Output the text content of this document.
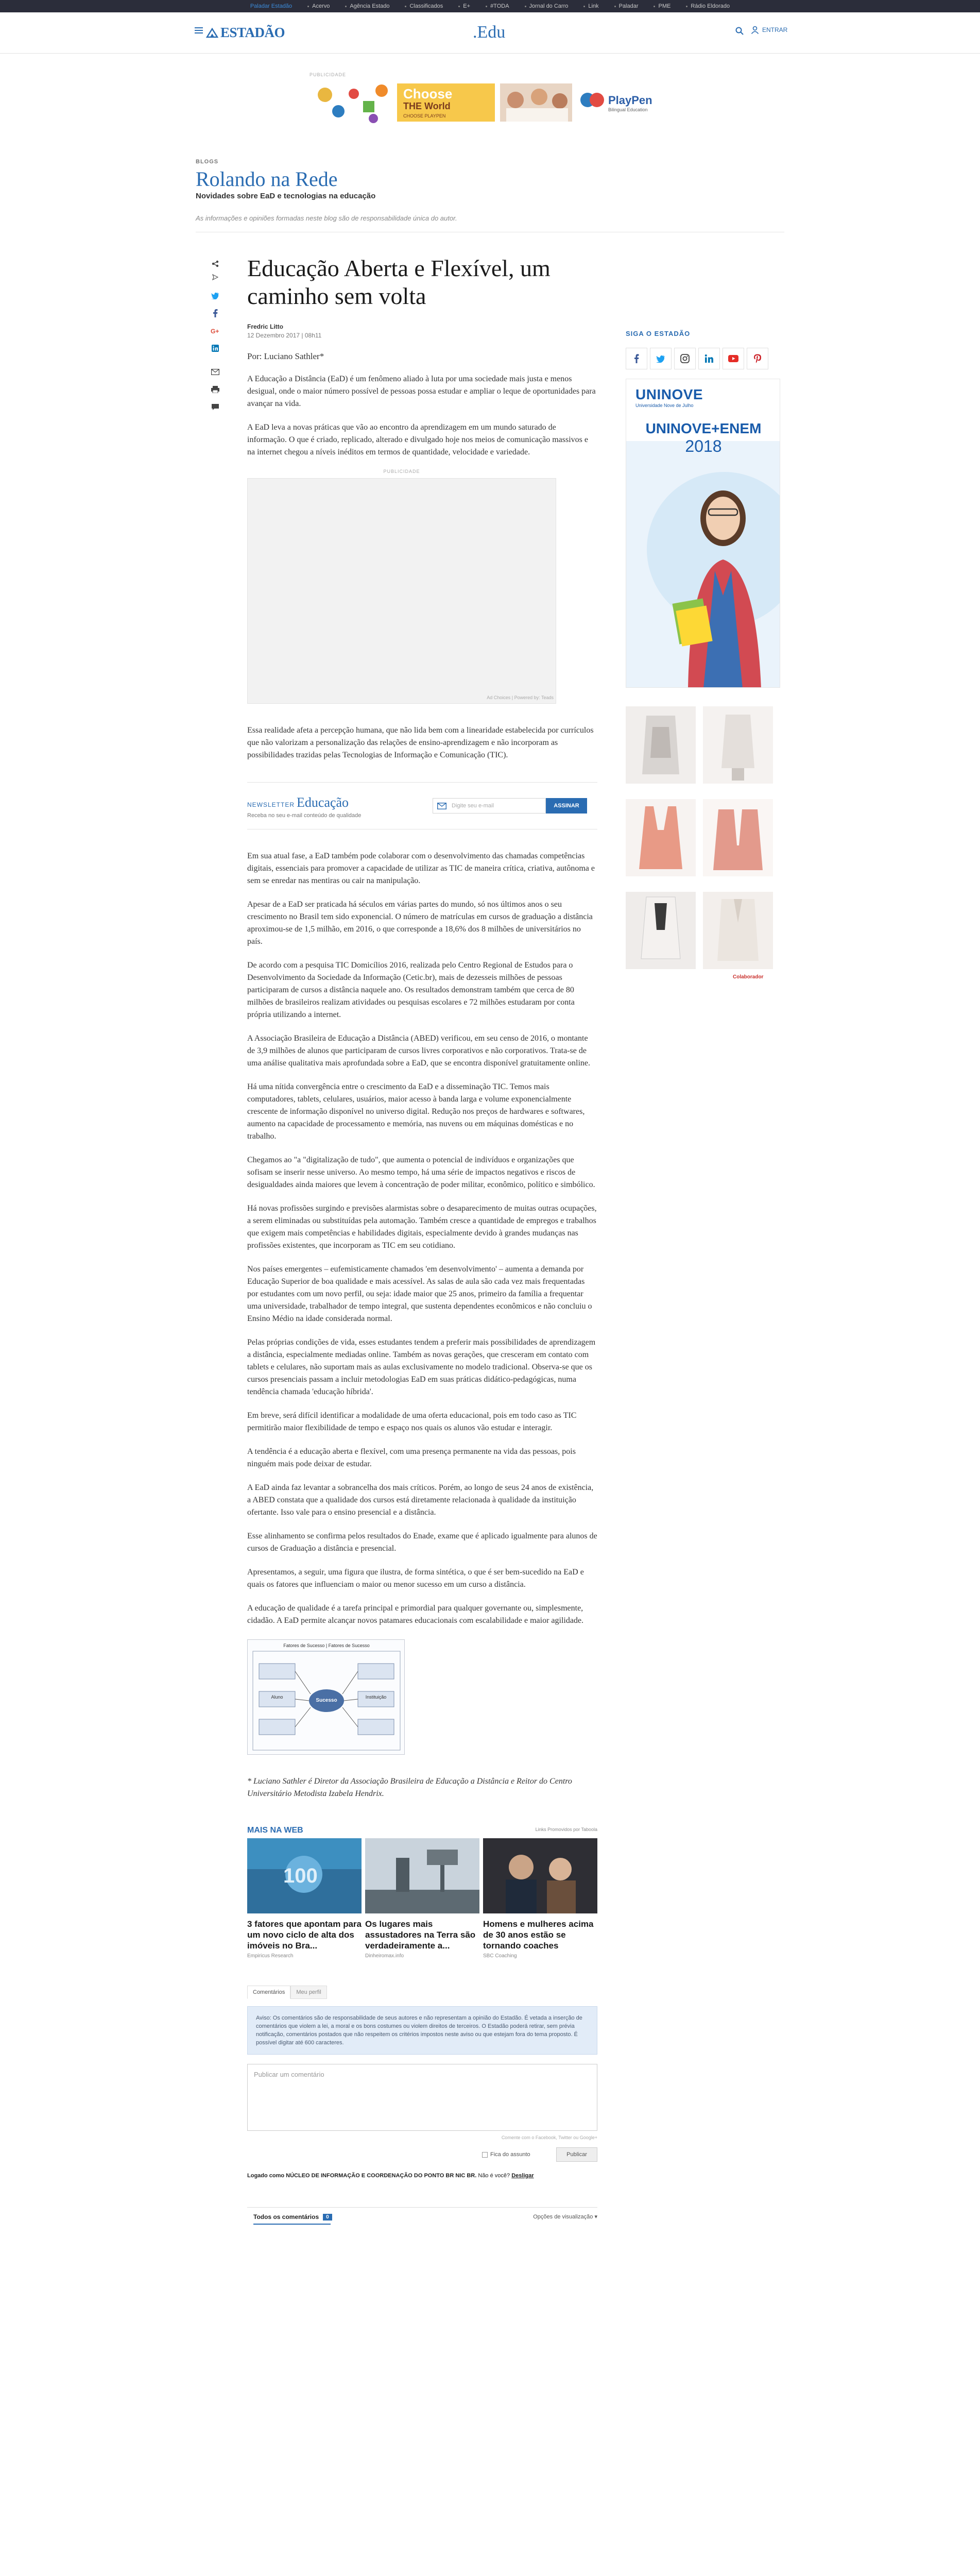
Paladar Estadão	Acervo	Agência Estado	Classificados	E+	#TODA	Jornal do Carro	Link	Paladar	PME	Rádio Eldorado
ESTADÃO	.Edu	ENTRAR
PUBLICIDADE
Choose
THE World
CHOOSE PLAYPEN
PlayPen
Bilingual Education
BLOGS
Rolando na Rede
Novidades sobre EaD e tecnologias na educação
As informações e opiniões formadas neste blog são de responsabilidade única do autor.
G+
Educação Aberta e Flexível, um caminho sem volta
Fredric Litto
12 Dezembro 2017 | 08h11
Por: Luciano Sathler*

A Educação a Distância (EaD) é um fenômeno aliado à luta por uma sociedade mais justa e menos desigual, onde o maior número possível de pessoas possa estudar e ampliar o leque de oportunidades para avançar na vida.

A EaD leva a novas práticas que vão ao encontro da aprendizagem em um mundo saturado de informação. O que é criado, replicado, alterado e divulgado hoje nos meios de comunicação massivos e na internet chegou a níveis inéditos em termos de quantidade, velocidade e variedade.

PUBLICIDADE
Ad Choices | Powered by: Teads

Essa realidade afeta a percepção humana, que não lida bem com a linearidade estabelecida por currículos que não valorizam a personalização das relações de ensino-aprendizagem e não incorporam as possibilidades trazidas pelas Tecnologias de Informação e Comunicação (TIC).

NEWSLETTER Educação
Receba no seu e-mail conteúdo de qualidade
Digite seu e-mail	ASSINAR

Em sua atual fase, a EaD também pode colaborar com o desenvolvimento das chamadas competências digitais, essenciais para promover a capacidade de utilizar as TIC de maneira crítica, criativa, autônoma e sem se enredar nas mentiras ou cair na manipulação.

Apesar de a EaD ser praticada há séculos em várias partes do mundo, só nos últimos anos o seu crescimento no Brasil tem sido exponencial. O número de matrículas em cursos de graduação a distância aproximou-se de 1,5 milhão, em 2016, o que corresponde a 18,6% dos 8 milhões de universitários no país.

De acordo com a pesquisa TIC Domicílios 2016, realizada pelo Centro Regional de Estudos para o Desenvolvimento da Sociedade da Informação (Cetic.br), mais de dezesseis milhões de pessoas participaram de cursos a distância naquele ano. Os resultados demonstram também que cerca de 80 milhões de brasileiros realizam atividades ou pesquisas escolares e 72 milhões estudaram por conta própria utilizando a internet.

A Associação Brasileira de Educação a Distância (ABED) verificou, em seu censo de 2016, o montante de 3,9 milhões de alunos que participaram de cursos livres corporativos e não corporativos. Trata-se de uma análise qualitativa mais aprofundada sobre a EaD, que se encontra disponível gratuitamente online.

Há uma nítida convergência entre o crescimento da EaD e a disseminação TIC. Temos mais computadores, tablets, celulares, usuários, maior acesso à banda larga e volume exponencialmente crescente de informação disponível no universo digital. Redução nos preços de hardwares e softwares, aumento na capacidade de processamento e memória, nas nuvens ou em máquinas domésticas e no trabalho.

Chegamos ao "a "digitalização de tudo", que aumenta o potencial de indivíduos e organizações que sofisam se inserir nesse universo. Ao mesmo tempo, há uma série de impactos negativos e riscos de desigualdades ainda maiores que levem à concentração de poder militar, econômico, político e simbólico.

Há novas profissões surgindo e previsões alarmistas sobre o desaparecimento de muitas outras ocupações, a serem eliminadas ou substituídas pela automação. Também cresce a quantidade de empregos e trabalhos que exigem mais competências e habilidades digitais, especialmente devido à grandes mudanças nas profissões existentes, que incorporam as TIC em seu cotidiano.

Nos países emergentes – eufemisticamente chamados 'em desenvolvimento' – aumenta a demanda por Educação Superior de boa qualidade e mais acessível. As salas de aula são cada vez mais frequentadas por estudantes com um novo perfil, ou seja: idade maior que 25 anos, primeiro da família a frequentar uma universidade, trabalhador de tempo integral, que sustenta dependentes econômicos e não concluiu o Ensino Médio na idade considerada normal.

Pelas próprias condições de vida, esses estudantes tendem a preferir mais possibilidades de aprendizagem a distância, especialmente mediadas online. Também as novas gerações, que cresceram em contato com tablets e celulares, não suportam mais as aulas exclusivamente no modelo tradicional. Observa-se que os cursos presenciais passam a incluir metodologias EaD em suas práticas didático-pedagógicas, numa tendência chamada 'educação híbrida'.

Em breve, será difícil identificar a modalidade de uma oferta educacional, pois em todo caso as TIC permitirão maior flexibilidade de tempo e espaço nos quais os alunos vão estudar e interagir.

A tendência é a educação aberta e flexível, com uma presença permanente na vida das pessoas, pois ninguém mais pode deixar de estudar.

A EaD ainda faz levantar a sobrancelha dos mais críticos. Porém, ao longo de seus 24 anos de existência, a ABED constata que a qualidade dos cursos está diretamente relacionada à qualidade da instituição ofertante. Isso vale para o ensino presencial e a distância.

Esse alinhamento se confirma pelos resultados do Enade, exame que é aplicado igualmente para alunos de cursos de Graduação a distância e presencial.

Apresentamos, a seguir, uma figura que ilustra, de forma sintética, o que é ser bem-sucedido na EaD e quais os fatores que influenciam o maior ou menor sucesso em um curso a distância.

A educação de qualidade é a tarefa principal e primordial para qualquer governante ou, simplesmente, cidadão. A EaD permite alcançar novos patamares educacionais com escalabilidade e maior agilidade.

Fatores de Sucesso | Fatores de Sucesso
Aluno
Sucesso
Instituição

* Luciano Sathler é Diretor da Associação Brasileira de Educação a Distância e Reitor do Centro Universitário Metodista Izabela Hendrix.

MAIS NA WEB	Links Promovidos por Taboola
100
3 fatores que apontam para um novo ciclo de alta dos imóveis no Bra...
Empiricus Research
Os lugares mais assustadores na Terra são verdadeiramente a...
Dinheiromax.info
Homens e mulheres acima de 30 anos estão se tornando coaches
SBC Coaching
Comentários	Meu perfil
Aviso: Os comentários são de responsabilidade de seus autores e não representam a opinião do Estadão. É vetada a inserção de comentários que violem a lei, a moral e os bons costumes ou violem direitos de terceiros. O Estadão poderá retirar, sem prévia notificação, comentários postados que não respeitem os critérios impostos neste aviso ou que estejam fora do tema proposto. É possível digitar até 600 caracteres.
Publicar um comentário
Comente com o Facebook, Twitter ou Google+
Fica do assunto	Publicar
Logado como NÚCLEO DE INFORMAÇÃO E COORDENAÇÃO DO PONTO BR NIC BR. Não é você? Desligar
Todos os comentários	0	Opções de visualização ▾
SIGA O ESTADÃO
UNINOVE
Universidade Nove de Julho
UNINOVE+ENEM
2018
Colaborador
